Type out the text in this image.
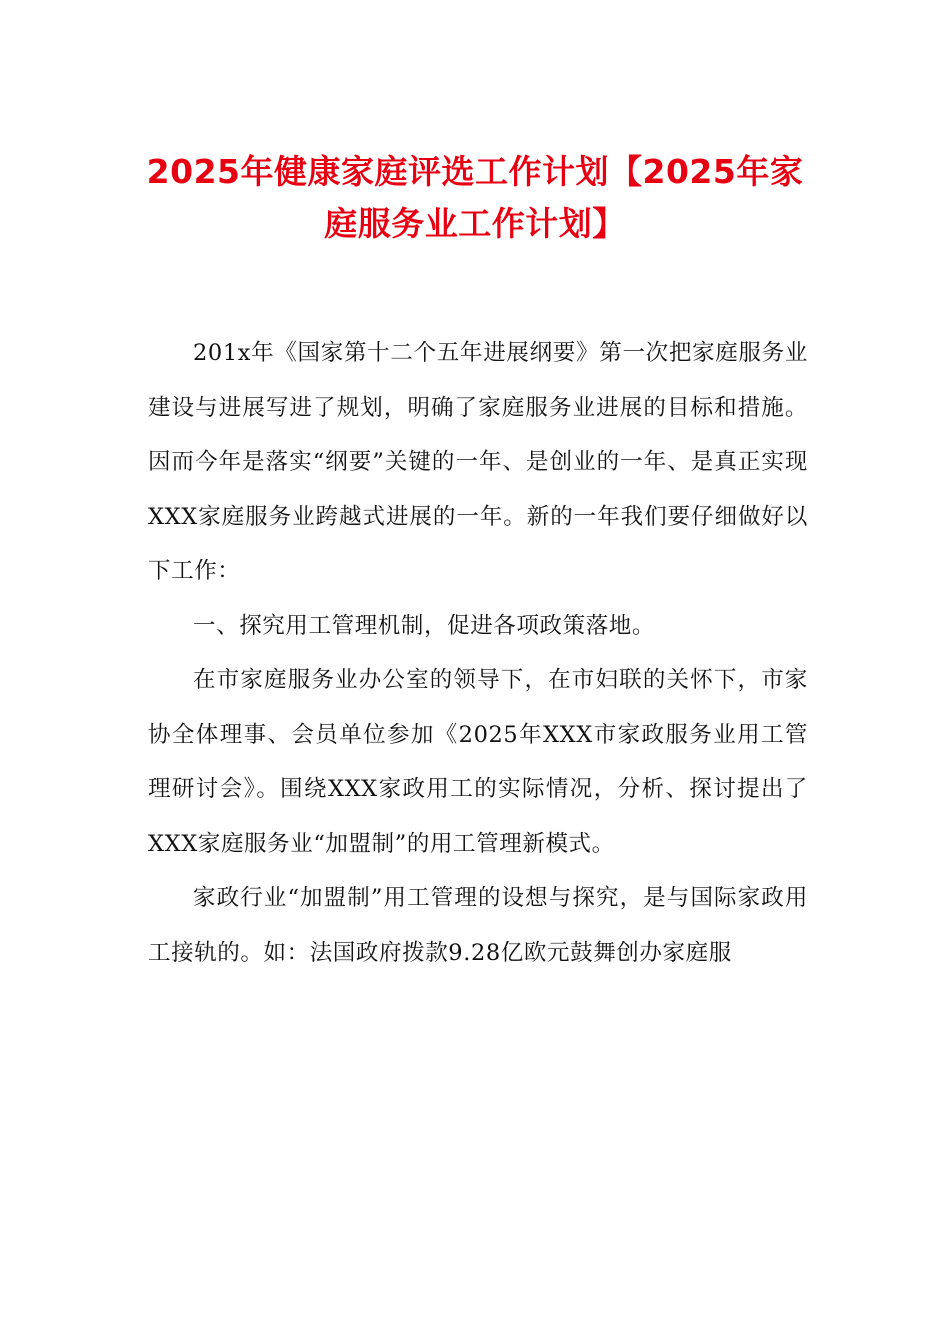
2025年健康家庭评选工作计划【2025年家
庭服务业工作计划】

201x年《国家第十二个五年进展纲要》第一次把家庭服务业建设与进展写进了规划，明确了家庭服务业进展的目标和措施。因而今年是落实“纲要”关键的一年、是创业的一年、是真正实现XXX家庭服务业跨越式进展的一年。新的一年我们要仔细做好以下工作：

一、探究用工管理机制，促进各项政策落地。

在市家庭服务业办公室的领导下，在市妇联的关怀下，市家协全体理事、会员单位参加《2025年XXX市家政服务业用工管理研讨会》。围绕XXX家政用工的实际情况，分析、探讨提出了XXX家庭服务业“加盟制”的用工管理新模式。

家政行业“加盟制”用工管理的设想与探究，是与国际家政用工接轨的。如：法国政府拨款9.28亿欧元鼓舞创办家庭服
